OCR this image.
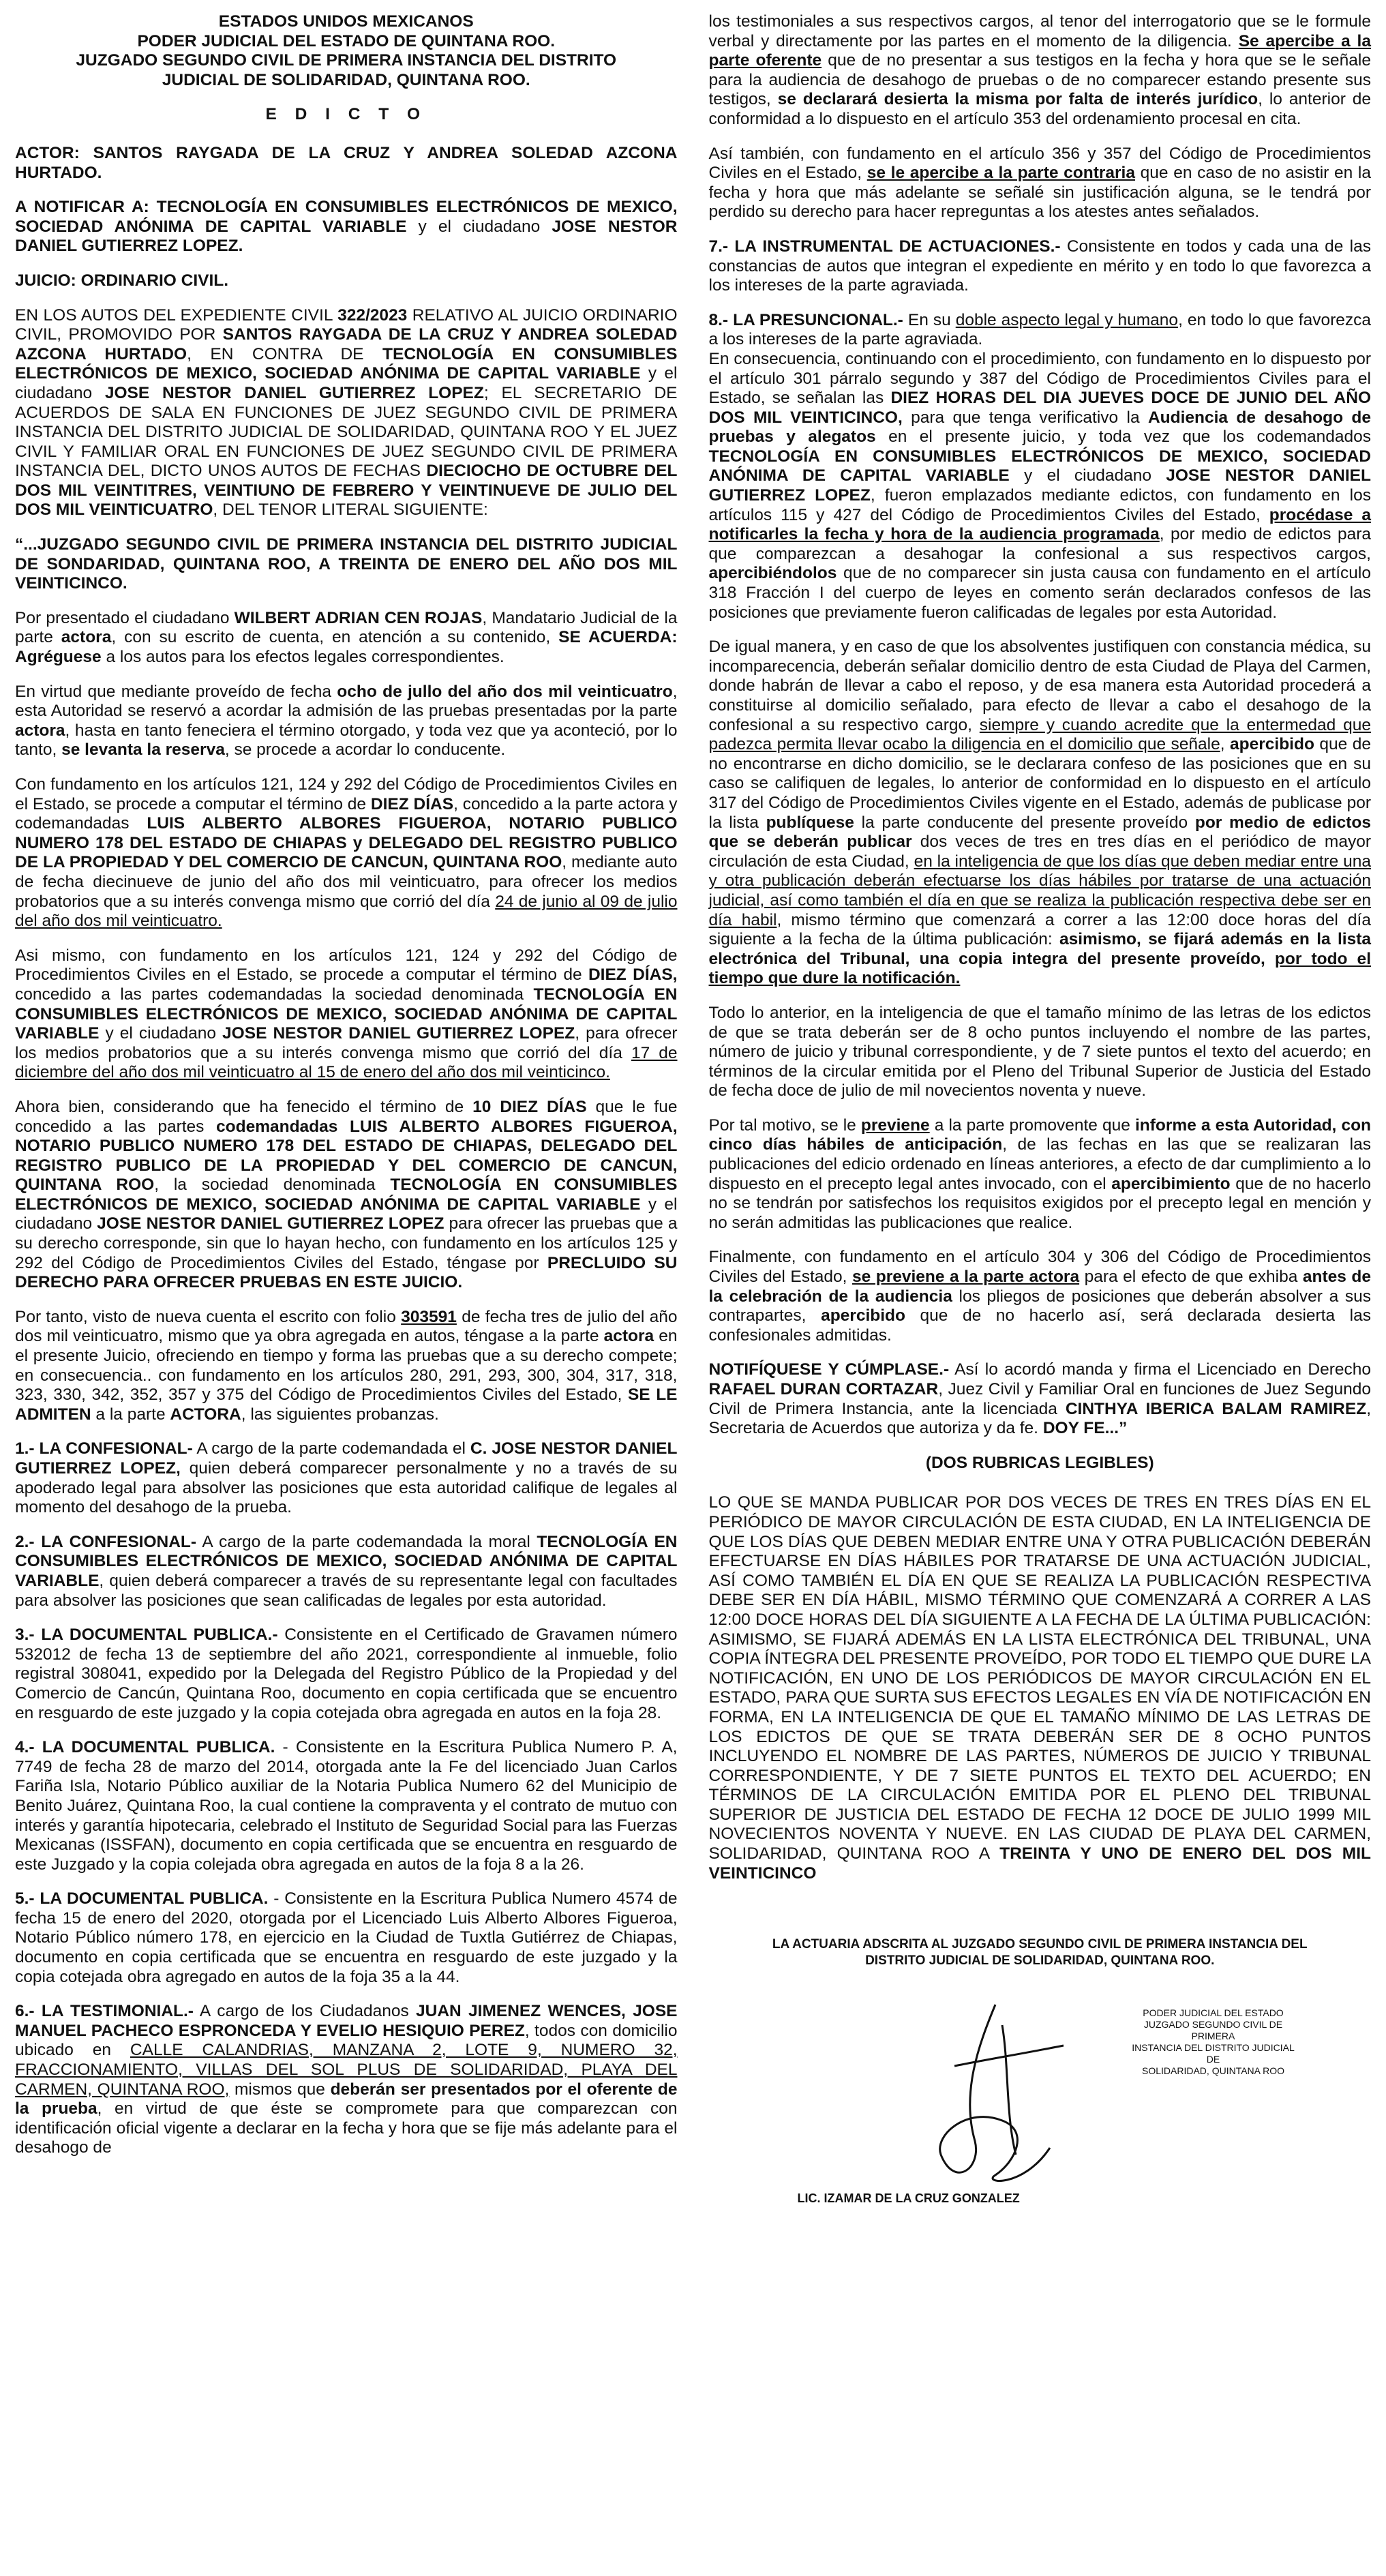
ESTADOS UNIDOS MEXICANOS
PODER JUDICIAL DEL ESTADO DE QUINTANA ROO.
JUZGADO SEGUNDO CIVIL DE PRIMERA INSTANCIA DEL DISTRITO
JUDICIAL DE SOLIDARIDAD, QUINTANA ROO.
E D I C T O

ACTOR: SANTOS RAYGADA DE LA CRUZ Y ANDREA SOLEDAD AZCONA HURTADO.

A NOTIFICAR A: TECNOLOGÍA EN CONSUMIBLES ELECTRÓNICOS DE MEXICO, SOCIEDAD ANÓNIMA DE CAPITAL VARIABLE y el ciudadano JOSE NESTOR DANIEL GUTIERREZ LOPEZ.

JUICIO: ORDINARIO CIVIL.

EN LOS AUTOS DEL EXPEDIENTE CIVIL 322/2023 RELATIVO AL JUICIO ORDINARIO CIVIL, PROMOVIDO POR SANTOS RAYGADA DE LA CRUZ Y ANDREA SOLEDAD AZCONA HURTADO, EN CONTRA DE TECNOLOGÍA EN CONSUMIBLES ELECTRÓNICOS DE MEXICO, SOCIEDAD ANÓNIMA DE CAPITAL VARIABLE y el ciudadano JOSE NESTOR DANIEL GUTIERREZ LOPEZ; EL SECRETARIO DE ACUERDOS DE SALA EN FUNCIONES DE JUEZ SEGUNDO CIVIL DE PRIMERA INSTANCIA DEL DISTRITO JUDICIAL DE SOLIDARIDAD, QUINTANA ROO Y EL JUEZ CIVIL Y FAMILIAR ORAL EN FUNCIONES DE JUEZ SEGUNDO CIVIL DE PRIMERA INSTANCIA DEL, DICTO UNOS AUTOS DE FECHAS DIECIOCHO DE OCTUBRE DEL DOS MIL VEINTITRES, VEINTIUNO DE FEBRERO Y VEINTINUEVE DE JULIO DEL DOS MIL VEINTICUATRO, DEL TENOR LITERAL SIGUIENTE:

“...JUZGADO SEGUNDO CIVIL DE PRIMERA INSTANCIA DEL DISTRITO JUDICIAL DE SONDARIDAD, QUINTANA ROO, A TREINTA DE ENERO DEL AÑO DOS MIL VEINTICINCO.

Por presentado el ciudadano WILBERT ADRIAN CEN ROJAS, Mandatario Judicial de la parte actora, con su escrito de cuenta, en atención a su contenido, SE ACUERDA: Agréguese a los autos para los efectos legales correspondientes.

En virtud que mediante proveído de fecha ocho de jullo del año dos mil veinticuatro, esta Autoridad se reservó a acordar la admisión de las pruebas presentadas por la parte actora, hasta en tanto feneciera el término otorgado, y toda vez que ya aconteció, por lo tanto, se levanta la reserva, se procede a acordar lo conducente.

Con fundamento en los artículos 121, 124 y 292 del Código de Procedimientos Civiles en el Estado, se procede a computar el término de DIEZ DÍAS, concedido a la parte actora y codemandadas LUIS ALBERTO ALBORES FIGUEROA, NOTARIO PUBLICO NUMERO 178 DEL ESTADO DE CHIAPAS y DELEGADO DEL REGISTRO PUBLICO DE LA PROPIEDAD Y DEL COMERCIO DE CANCUN, QUINTANA ROO, mediante auto de fecha diecinueve de junio del año dos mil veinticuatro, para ofrecer los medios probatorios que a su interés convenga mismo que corrió del día 24 de junio al 09 de julio del año dos mil veinticuatro.

Asi mismo, con fundamento en los artículos 121, 124 y 292 del Código de Procedimientos Civiles en el Estado, se procede a computar el término de DIEZ DÍAS, concedido a las partes codemandadas la sociedad denominada TECNOLOGÍA EN CONSUMIBLES ELECTRÓNICOS DE MEXICO, SOCIEDAD ANÓNIMA DE CAPITAL VARIABLE y el ciudadano JOSE NESTOR DANIEL GUTIERREZ LOPEZ, para ofrecer los medios probatorios que a su interés convenga mismo que corrió del día 17 de diciembre del año dos mil veinticuatro al 15 de enero del año dos mil veinticinco.

Ahora bien, considerando que ha fenecido el término de 10 DIEZ DÍAS que le fue concedido a las partes codemandadas LUIS ALBERTO ALBORES FIGUEROA, NOTARIO PUBLICO NUMERO 178 DEL ESTADO DE CHIAPAS, DELEGADO DEL REGISTRO PUBLICO DE LA PROPIEDAD Y DEL COMERCIO DE CANCUN, QUINTANA ROO, la sociedad denominada TECNOLOGÍA EN CONSUMIBLES ELECTRÓNICOS DE MEXICO, SOCIEDAD ANÓNIMA DE CAPITAL VARIABLE y el ciudadano JOSE NESTOR DANIEL GUTIERREZ LOPEZ para ofrecer las pruebas que a su derecho corresponde, sin que lo hayan hecho, con fundamento en los artículos 125 y 292 del Código de Procedimientos Civiles del Estado, téngase por PRECLUIDO SU DERECHO PARA OFRECER PRUEBAS EN ESTE JUICIO.

Por tanto, visto de nueva cuenta el escrito con folio 303591 de fecha tres de julio del año dos mil veinticuatro, mismo que ya obra agregada en autos, téngase a la parte actora en el presente Juicio, ofreciendo en tiempo y forma las pruebas que a su derecho compete; en consecuencia.. con fundamento en los artículos 280, 291, 293, 300, 304, 317, 318, 323, 330, 342, 352, 357 y 375 del Código de Procedimientos Civiles del Estado, SE LE ADMITEN a la parte ACTORA, las siguientes probanzas.

1.- LA CONFESIONAL- A cargo de la parte codemandada el C. JOSE NESTOR DANIEL GUTIERREZ LOPEZ, quien deberá comparecer personalmente y no a través de su apoderado legal para absolver las posiciones que esta autoridad califique de legales al momento del desahogo de la prueba.

2.- LA CONFESIONAL- A cargo de la parte codemandada la moral TECNOLOGÍA EN CONSUMIBLES ELECTRÓNICOS DE MEXICO, SOCIEDAD ANÓNIMA DE CAPITAL VARIABLE, quien deberá comparecer a través de su representante legal con facultades para absolver las posiciones que sean calificadas de legales por esta autoridad.

3.- LA DOCUMENTAL PUBLICA.- Consistente en el Certificado de Gravamen número 532012 de fecha 13 de septiembre del año 2021, correspondiente al inmueble, folio registral 308041, expedido por la Delegada del Registro Público de la Propiedad y del Comercio de Cancún, Quintana Roo, documento en copia certificada que se encuentro en resguardo de este juzgado y la copia cotejada obra agregada en autos en la foja 28.

4.- LA DOCUMENTAL PUBLICA. - Consistente en la Escritura Publica Numero P. A, 7749 de fecha 28 de marzo del 2014, otorgada ante la Fe del licenciado Juan Carlos Fariña Isla, Notario Público auxiliar de la Notaria Publica Numero 62 del Municipio de Benito Juárez, Quintana Roo, la cual contiene la compraventa y el contrato de mutuo con interés y garantía hipotecaria, celebrado el Instituto de Seguridad Social para las Fuerzas Mexicanas (ISSFAN), documento en copia certificada que se encuentra en resguardo de este Juzgado y la copia colejada obra agregada en autos de la foja 8 a la 26.

5.- LA DOCUMENTAL PUBLICA. - Consistente en la Escritura Publica Numero 4574 de fecha 15 de enero del 2020, otorgada por el Licenciado Luis Alberto Albores Figueroa, Notario Público número 178, en ejercicio en la Ciudad de Tuxtla Gutiérrez de Chiapas, documento en copia certificada que se encuentra en resguardo de este juzgado y la copia cotejada obra agregado en autos de la foja 35 a la 44.

6.- LA TESTIMONIAL.- A cargo de los Ciudadanos JUAN JIMENEZ WENCES, JOSE MANUEL PACHECO ESPRONCEDA Y EVELIO HESIQUIO PEREZ, todos con domicilio ubicado en CALLE CALANDRIAS, MANZANA 2, LOTE 9, NUMERO 32, FRACCIONAMIENTO, VILLAS DEL SOL PLUS DE SOLIDARIDAD, PLAYA DEL CARMEN, QUINTANA ROO, mismos que deberán ser presentados por el oferente de la prueba, en virtud de que éste se compromete para que comparezcan con identificación oficial vigente a declarar en la fecha y hora que se fije más adelante para el desahogo de

los testimoniales a sus respectivos cargos, al tenor del interrogatorio que se le formule verbal y directamente por las partes en el momento de la diligencia. Se apercibe a la parte oferente que de no presentar a sus testigos en la fecha y hora que se le señale para la audiencia de desahogo de pruebas o de no comparecer estando presente sus testigos, se declarará desierta la misma por falta de interés jurídico, lo anterior de conformidad a lo dispuesto en el artículo 353 del ordenamiento procesal en cita.

Así también, con fundamento en el artículo 356 y 357 del Código de Procedimientos Civiles en el Estado, se le apercibe a la parte contraria que en caso de no asistir en la fecha y hora que más adelante se señalé sin justificación alguna, se le tendrá por perdido su derecho para hacer repreguntas a los atestes antes señalados.

7.- LA INSTRUMENTAL DE ACTUACIONES.- Consistente en todos y cada una de las constancias de autos que integran el expediente en mérito y en todo lo que favorezca a los intereses de la parte agraviada.

8.- LA PRESUNCIONAL.- En su doble aspecto legal y humano, en todo lo que favorezca a los intereses de la parte agraviada.
En consecuencia, continuando con el procedimiento, con fundamento en lo dispuesto por el artículo 301 párralo segundo y 387 del Código de Procedimientos Civiles para el Estado, se señalan las DIEZ HORAS DEL DIA JUEVES DOCE DE JUNIO DEL AÑO DOS MIL VEINTICINCO, para que tenga verificativo la Audiencia de desahogo de pruebas y alegatos en el presente juicio, y toda vez que los codemandados TECNOLOGÍA EN CONSUMIBLES ELECTRÓNICOS DE MEXICO, SOCIEDAD ANÓNIMA DE CAPITAL VARIABLE y el ciudadano JOSE NESTOR DANIEL GUTIERREZ LOPEZ, fueron emplazados mediante edictos, con fundamento en los artículos 115 y 427 del Código de Procedimientos Civiles del Estado, procédase a notificarles la fecha y hora de la audiencia programada, por medio de edictos para que comparezcan a desahogar la confesional a sus respectivos cargos, apercibiéndolos que de no comparecer sin justa causa con fundamento en el artículo 318 Fracción I del cuerpo de leyes en comento serán declarados confesos de las posiciones que previamente fueron calificadas de legales por esta Autoridad.

De igual manera, y en caso de que los absolventes justifiquen con constancia médica, su incomparecencia, deberán señalar domicilio dentro de esta Ciudad de Playa del Carmen, donde habrán de llevar a cabo el reposo, y de esa manera esta Autoridad procederá a constituirse al domicilio señalado, para efecto de llevar a cabo el desahogo de la confesional a su respectivo cargo, siempre y cuando acredite que la entermedad que padezca permita llevar ocabo la diligencia en el domicilio que señale, apercibido que de no encontrarse en dicho domicilio, se le declarara confeso de las posiciones que en su caso se califiquen de legales, lo anterior de conformidad en lo dispuesto en el artículo 317 del Código de Procedimientos Civiles vigente en el Estado, además de publicase por la lista publíquese la parte conducente del presente proveído por medio de edictos que se deberán publicar dos veces de tres en tres días en el periódico de mayor circulación de esta Ciudad, en la inteligencia de que los días que deben mediar entre una y otra publicación deberán efectuarse los días hábiles por tratarse de una actuación judicial, así como también el día en que se realiza la publicación respectiva debe ser en día habil, mismo término que comenzará a correr a las 12:00 doce horas del día siguiente a la fecha de la última publicación: asimismo, se fijará además en la lista electrónica del Tribunal, una copia integra del presente proveído, por todo el tiempo que dure la notificación.

Todo lo anterior, en la inteligencia de que el tamaño mínimo de las letras de los edictos de que se trata deberán ser de 8 ocho puntos incluyendo el nombre de las partes, número de juicio y tribunal correspondiente, y de 7 siete puntos el texto del acuerdo; en términos de la circular emitida por el Pleno del Tribunal Superior de Justicia del Estado de fecha doce de julio de mil novecientos noventa y nueve.

Por tal motivo, se le previene a la parte promovente que informe a esta Autoridad, con cinco días hábiles de anticipación, de las fechas en las que se realizaran las publicaciones del edicio ordenado en líneas anteriores, a efecto de dar cumplimiento a lo dispuesto en el precepto legal antes invocado, con el apercibimiento que de no hacerlo no se tendrán por satisfechos los requisitos exigidos por el precepto legal en mención y no serán admitidas las publicaciones que realice.

Finalmente, con fundamento en el artículo 304 y 306 del Código de Procedimientos Civiles del Estado, se previene a la parte actora para el efecto de que exhiba antes de la celebración de la audiencia los pliegos de posiciones que deberán absolver a sus contrapartes, apercibido que de no hacerlo así, será declarada desierta las confesionales admitidas.

NOTIFÍQUESE Y CÚMPLASE.- Así lo acordó manda y firma el Licenciado en Derecho RAFAEL DURAN CORTAZAR, Juez Civil y Familiar Oral en funciones de Juez Segundo Civil de Primera Instancia, ante la licenciada CINTHYA IBERICA BALAM RAMIREZ, Secretaria de Acuerdos que autoriza y da fe. DOY FE...”

(DOS RUBRICAS LEGIBLES)

LO QUE SE MANDA PUBLICAR POR DOS VECES DE TRES EN TRES DÍAS EN EL PERIÓDICO DE MAYOR CIRCULACIÓN DE ESTA CIUDAD, EN LA INTELIGENCIA DE QUE LOS DÍAS QUE DEBEN MEDIAR ENTRE UNA Y OTRA PUBLICACIÓN DEBERÁN EFECTUARSE EN DÍAS HÁBILES POR TRATARSE DE UNA ACTUACIÓN JUDICIAL, ASÍ COMO TAMBIÉN EL DÍA EN QUE SE REALIZA LA PUBLICACIÓN RESPECTIVA DEBE SER EN DÍA HÁBIL, MISMO TÉRMINO QUE COMENZARÁ A CORRER A LAS 12:00 DOCE HORAS DEL DÍA SIGUIENTE A LA FECHA DE LA ÚLTIMA PUBLICACIÓN: ASIMISMO, SE FIJARÁ ADEMÁS EN LA LISTA ELECTRÓNICA DEL TRIBUNAL, UNA COPIA ÍNTEGRA DEL PRESENTE PROVEÍDO, POR TODO EL TIEMPO QUE DURE LA NOTIFICACIÓN, EN UNO DE LOS PERIÓDICOS DE MAYOR CIRCULACIÓN EN EL ESTADO, PARA QUE SURTA SUS EFECTOS LEGALES EN VÍA DE NOTIFICACIÓN EN FORMA, EN LA INTELIGENCIA DE QUE EL TAMAÑO MÍNIMO DE LAS LETRAS DE LOS EDICTOS DE QUE SE TRATA DEBERÁN SER DE 8 OCHO PUNTOS INCLUYENDO EL NOMBRE DE LAS PARTES, NÚMEROS DE JUICIO Y TRIBUNAL CORRESPONDIENTE, Y DE 7 SIETE PUNTOS EL TEXTO DEL ACUERDO; EN TÉRMINOS DE LA CIRCULACIÓN EMITIDA POR EL PLENO DEL TRIBUNAL SUPERIOR DE JUSTICIA DEL ESTADO DE FECHA 12 DOCE DE JULIO 1999 MIL NOVECIENTOS NOVENTA Y NUEVE. EN LAS CIUDAD DE PLAYA DEL CARMEN, SOLIDARIDAD, QUINTANA ROO A TREINTA Y UNO DE ENERO DEL DOS MIL VEINTICINCO

LA ACTUARIA ADSCRITA AL JUZGADO SEGUNDO CIVIL DE PRIMERA INSTANCIA DEL DISTRITO JUDICIAL DE SOLIDARIDAD, QUINTANA ROO.
PODER JUDICIAL DEL ESTADO
JUZGADO SEGUNDO CIVIL DE PRIMERA
INSTANCIA DEL DISTRITO JUDICIAL DE
SOLIDARIDAD, QUINTANA ROO
LIC. IZAMAR DE LA CRUZ GONZALEZ
